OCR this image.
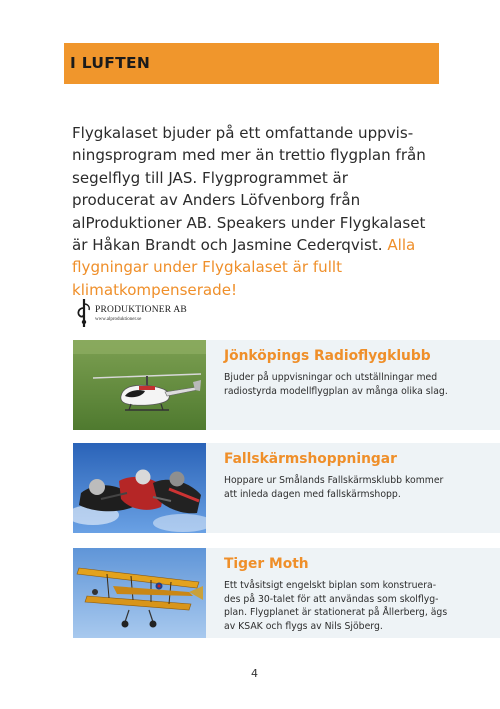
I LUFTEN
Flygkalaset bjuder på ett omfattande uppvis-ningsprogram med mer än trettio flygplan från segelflyg till JAS. Flygprogrammet är producerat av Anders Löfvenborg från alProduktioner AB. Speakers under Flygkalaset är Håkan Brandt och Jasmine Cederqvist. Alla flygningar under Flygkalaset är fullt klimatkompenserade!
PRODUKTIONER AB
www.alproduktioner.se
Jönköpings Radioflygklubb
Bjuder på uppvisningar och utställningar med radiostyrda modellflygplan av många olika slag.
Fallskärmshoppningar
Hoppare ur Smålands Fallskärmsklubb kommer att inleda dagen med fallskärmshopp.
Tiger Moth
Ett tvåsitsigt engelskt biplan som konstruera-des på 30-talet för att användas som skolflyg-plan. Flygplanet är stationerat på Ållerberg, ägs av KSAK och flygs av Nils Sjöberg.
4
